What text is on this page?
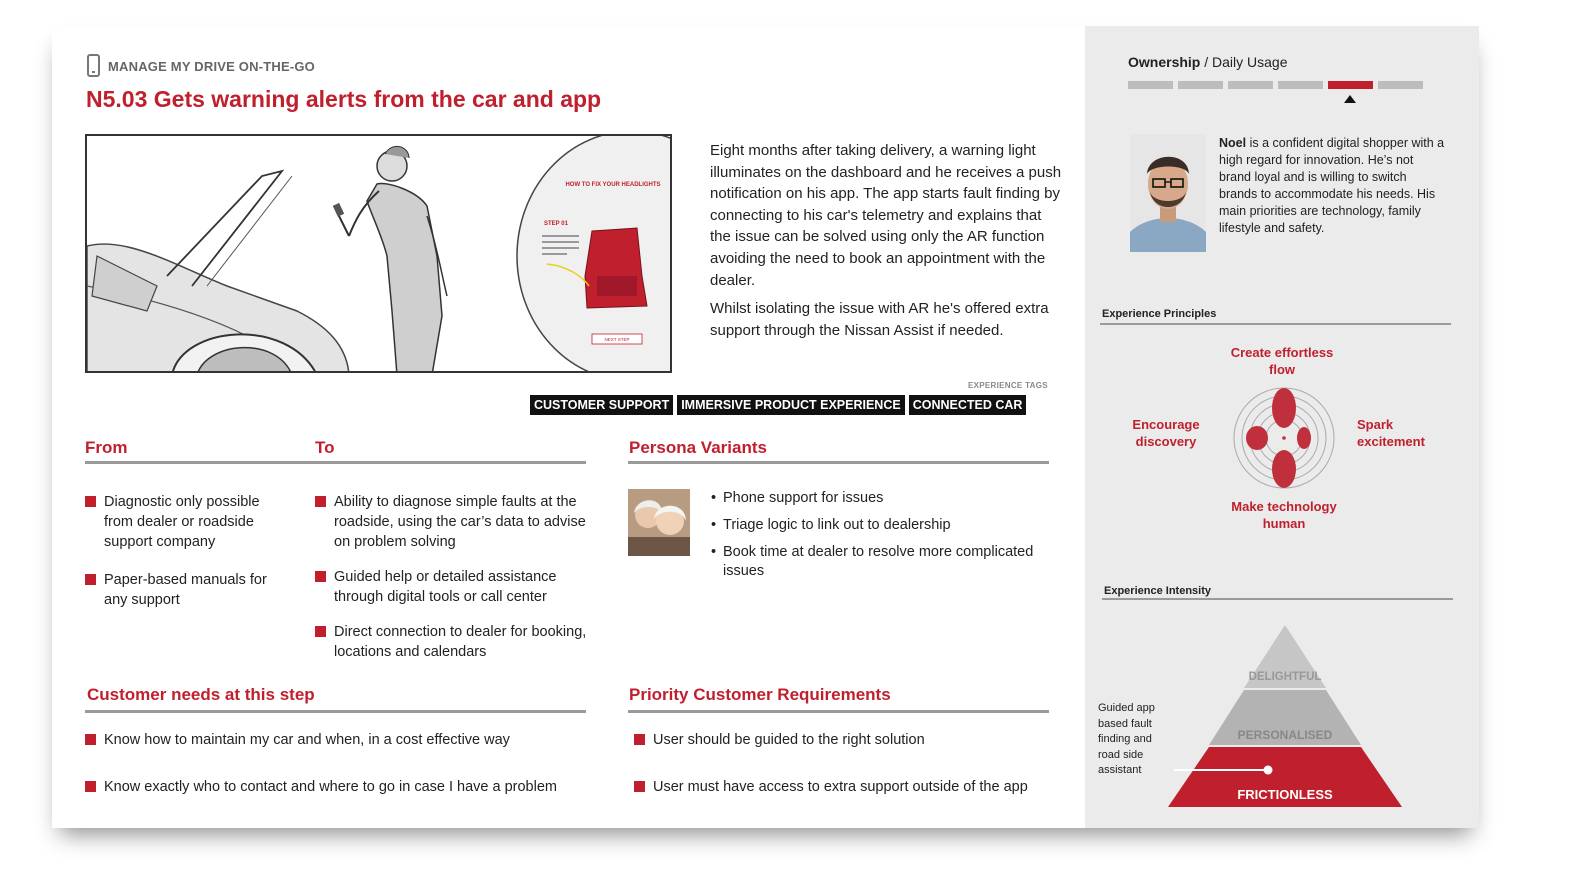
MANAGE MY DRIVE ON-THE-GO
N5.03 Gets warning alerts from the car and app
HOW TO FIX YOUR HEADLIGHTS
STEP 01
NEXT STEP

Eight months after taking delivery, a warning light illuminates on the dashboard and he receives a push notification on his app. The app starts fault finding by connecting to his car's telemetry and explains that the issue can be solved using only the AR function avoiding the need to book an appointment with the dealer.

Whilst isolating the issue with AR he's offered extra support through the Nissan Assist if needed.

EXPERIENCE TAGS
CUSTOMER SUPPORT IMMERSIVE PRODUCT EXPERIENCE CONNECTED CAR
From	To
Diagnostic only possible from dealer or roadside support company
Paper-based manuals for any support
Ability to diagnose simple faults at the roadside, using the car’s data to advise on problem solving
Guided help or detailed assistance through digital tools or call center
Direct connection to dealer for booking, locations and calendars
Persona Variants
• Phone support for issues
• Triage logic to link out to dealership
• Book time at dealer to resolve more complicated issues
Customer needs at this step
Know how to maintain my car and when, in a cost effective way
Know exactly who to contact and where to go in case I have a problem
Priority Customer Requirements
User should be guided to the right solution
User must have access to extra support outside of the app
Ownership / Daily Usage
Noel is a confident digital shopper with a high regard for innovation. He’s not brand loyal and is willing to switch brands to accommodate his needs. His main priorities are technology, family lifestyle and safety.
Experience Principles
Create effortless flow
Encourage discovery
Spark excitement
Make technology human
Experience Intensity
DELIGHTFUL
PERSONALISED
FRICTIONLESS
Guided app based fault finding and road side assistant
